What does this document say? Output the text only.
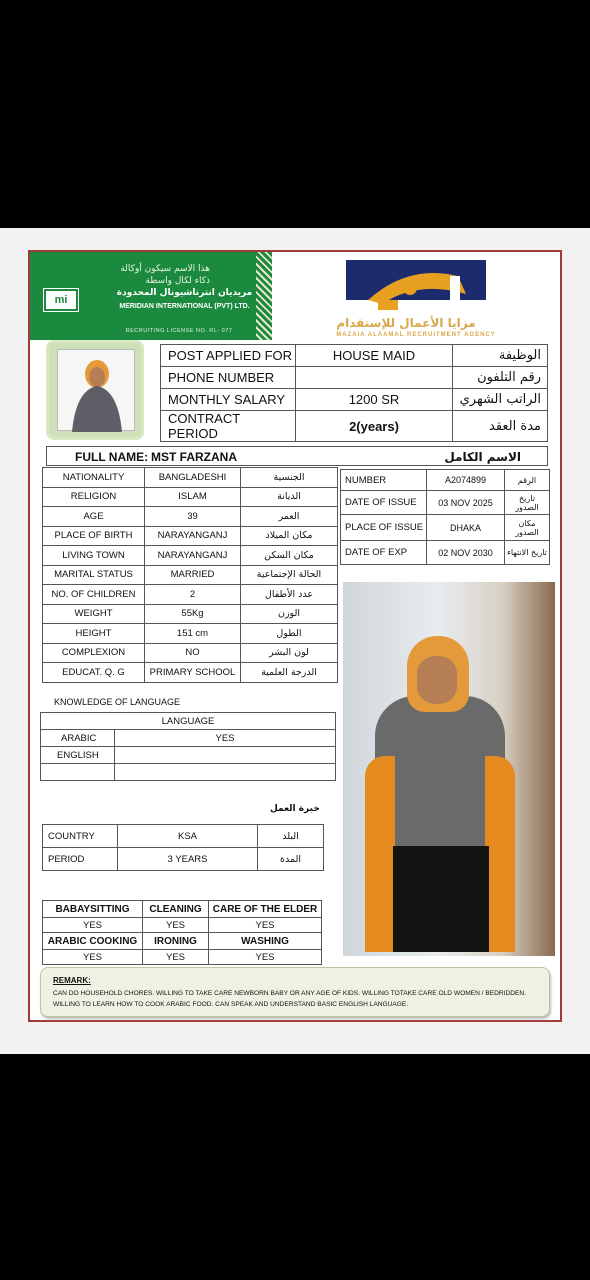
هذا الاسم سيكون أوكالة
ذكاء لكال واسطة
mi
مريديان انترناشيونال المحدودة
MERIDIAN INTERNATIONAL (PVT) LTD.
RECRUITING LICENSE NO. RL- 077
مزايا الأعمال للإستقدام
MAZAIA ALAAMAL RECRUITMENT AGENCY
POST APPLIED FOR	HOUSE MAID	الوظيفة
PHONE NUMBER		رقم التلفون
MONTHLY SALARY	1200 SR	الراتب الشهري
CONTRACT PERIOD	2(years)	مدة العقد
FULL NAME: MST FARZANA	الاسم الكامل
NATIONALITY	BANGLADESHI	الجنسية
RELIGION	ISLAM	الديانة
AGE	39	العمر
PLACE OF BIRTH	NARAYANGANJ	مكان الميلاد
LIVING TOWN	NARAYANGANJ	مكان السكن
MARITAL STATUS	MARRIED	الحالة الإجتماعية
NO. OF CHILDREN	2	عدد الأطفال
WEIGHT	55Kg	الوزن
HEIGHT	151 cm	الطول
COMPLEXION	NO	لون البشر
EDUCAT. Q. G	PRIMARY SCHOOL	الدرجة العلمية
NUMBER	A2074899	الرقم
DATE OF ISSUE	03 NOV 2025	تاريخ الصدور
PLACE OF ISSUE	DHAKA	مكان الصدور
DATE OF EXP	02 NOV 2030	تاريخ الانتهاء
KNOWLEDGE OF LANGUAGE
LANGUAGE	
ARABIC	YES
ENGLISH	

خبرة العمل
COUNTRY	KSA	البلد
PERIOD	3 YEARS	المدة
BABAYSITTING	CLEANING	CARE OF THE ELDER
YES	YES	YES
ARABIC COOKING	IRONING	WASHING
YES	YES	YES
REMARK:
CAN DO HOUSEHOLD CHORES. WILLING TO TAKE CARE NEWBORN BABY OR ANY AGE OF KIDS. WILLING TOTAKE CARE OLD WOMEN / BEDRIDDEN. WILLING TO LEARN HOW TO COOK ARABIC FOOD. CAN SPEAK AND UNDERSTAND BASIC ENGLISH LANGUAGE.
